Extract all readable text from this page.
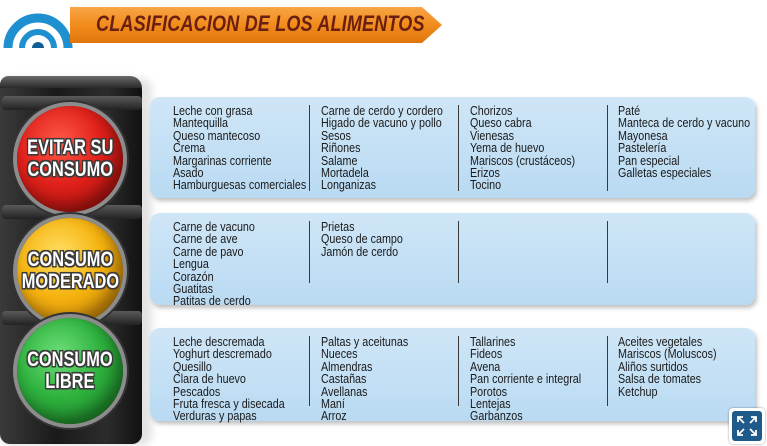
CLASIFICACION DE LOS ALIMENTOS
EVITAR SU
CONSUMO
CONSUMO
MODERADO
CONSUMO
LIBRE
Leche con grasa
Mantequilla
Queso mantecoso
Crema
Margarinas corriente
Asado
Hamburguesas comerciales
Carne de cerdo y cordero
Higado de vacuno y pollo
Sesos
Riñones
Salame
Mortadela
Longanizas
Chorizos
Queso cabra
Vienesas
Yema de huevo
Mariscos (crustáceos)
Erizos
Tocino
Paté
Manteca de cerdo y vacuno
Mayonesa
Pastelería
Pan especial
Galletas especiales
Carne de vacuno
Carne de ave
Carne de pavo
Lengua
Corazón
Guatitas
Patitas de cerdo
Prietas
Queso de campo
Jamón de cerdo
Leche descremada
Yoghurt descremado
Quesillo
Clara de huevo
Pescados
Fruta fresca y disecada
Verduras y papas
Paltas y aceitunas
Nueces
Almendras
Castañas
Avellanas
Maní
Arroz
Tallarines
Fideos
Avena
Pan corriente e integral
Porotos
Lentejas
Garbanzos
Aceites vegetales
Mariscos (Moluscos)
Aliños surtidos
Salsa de tomates
Ketchup
